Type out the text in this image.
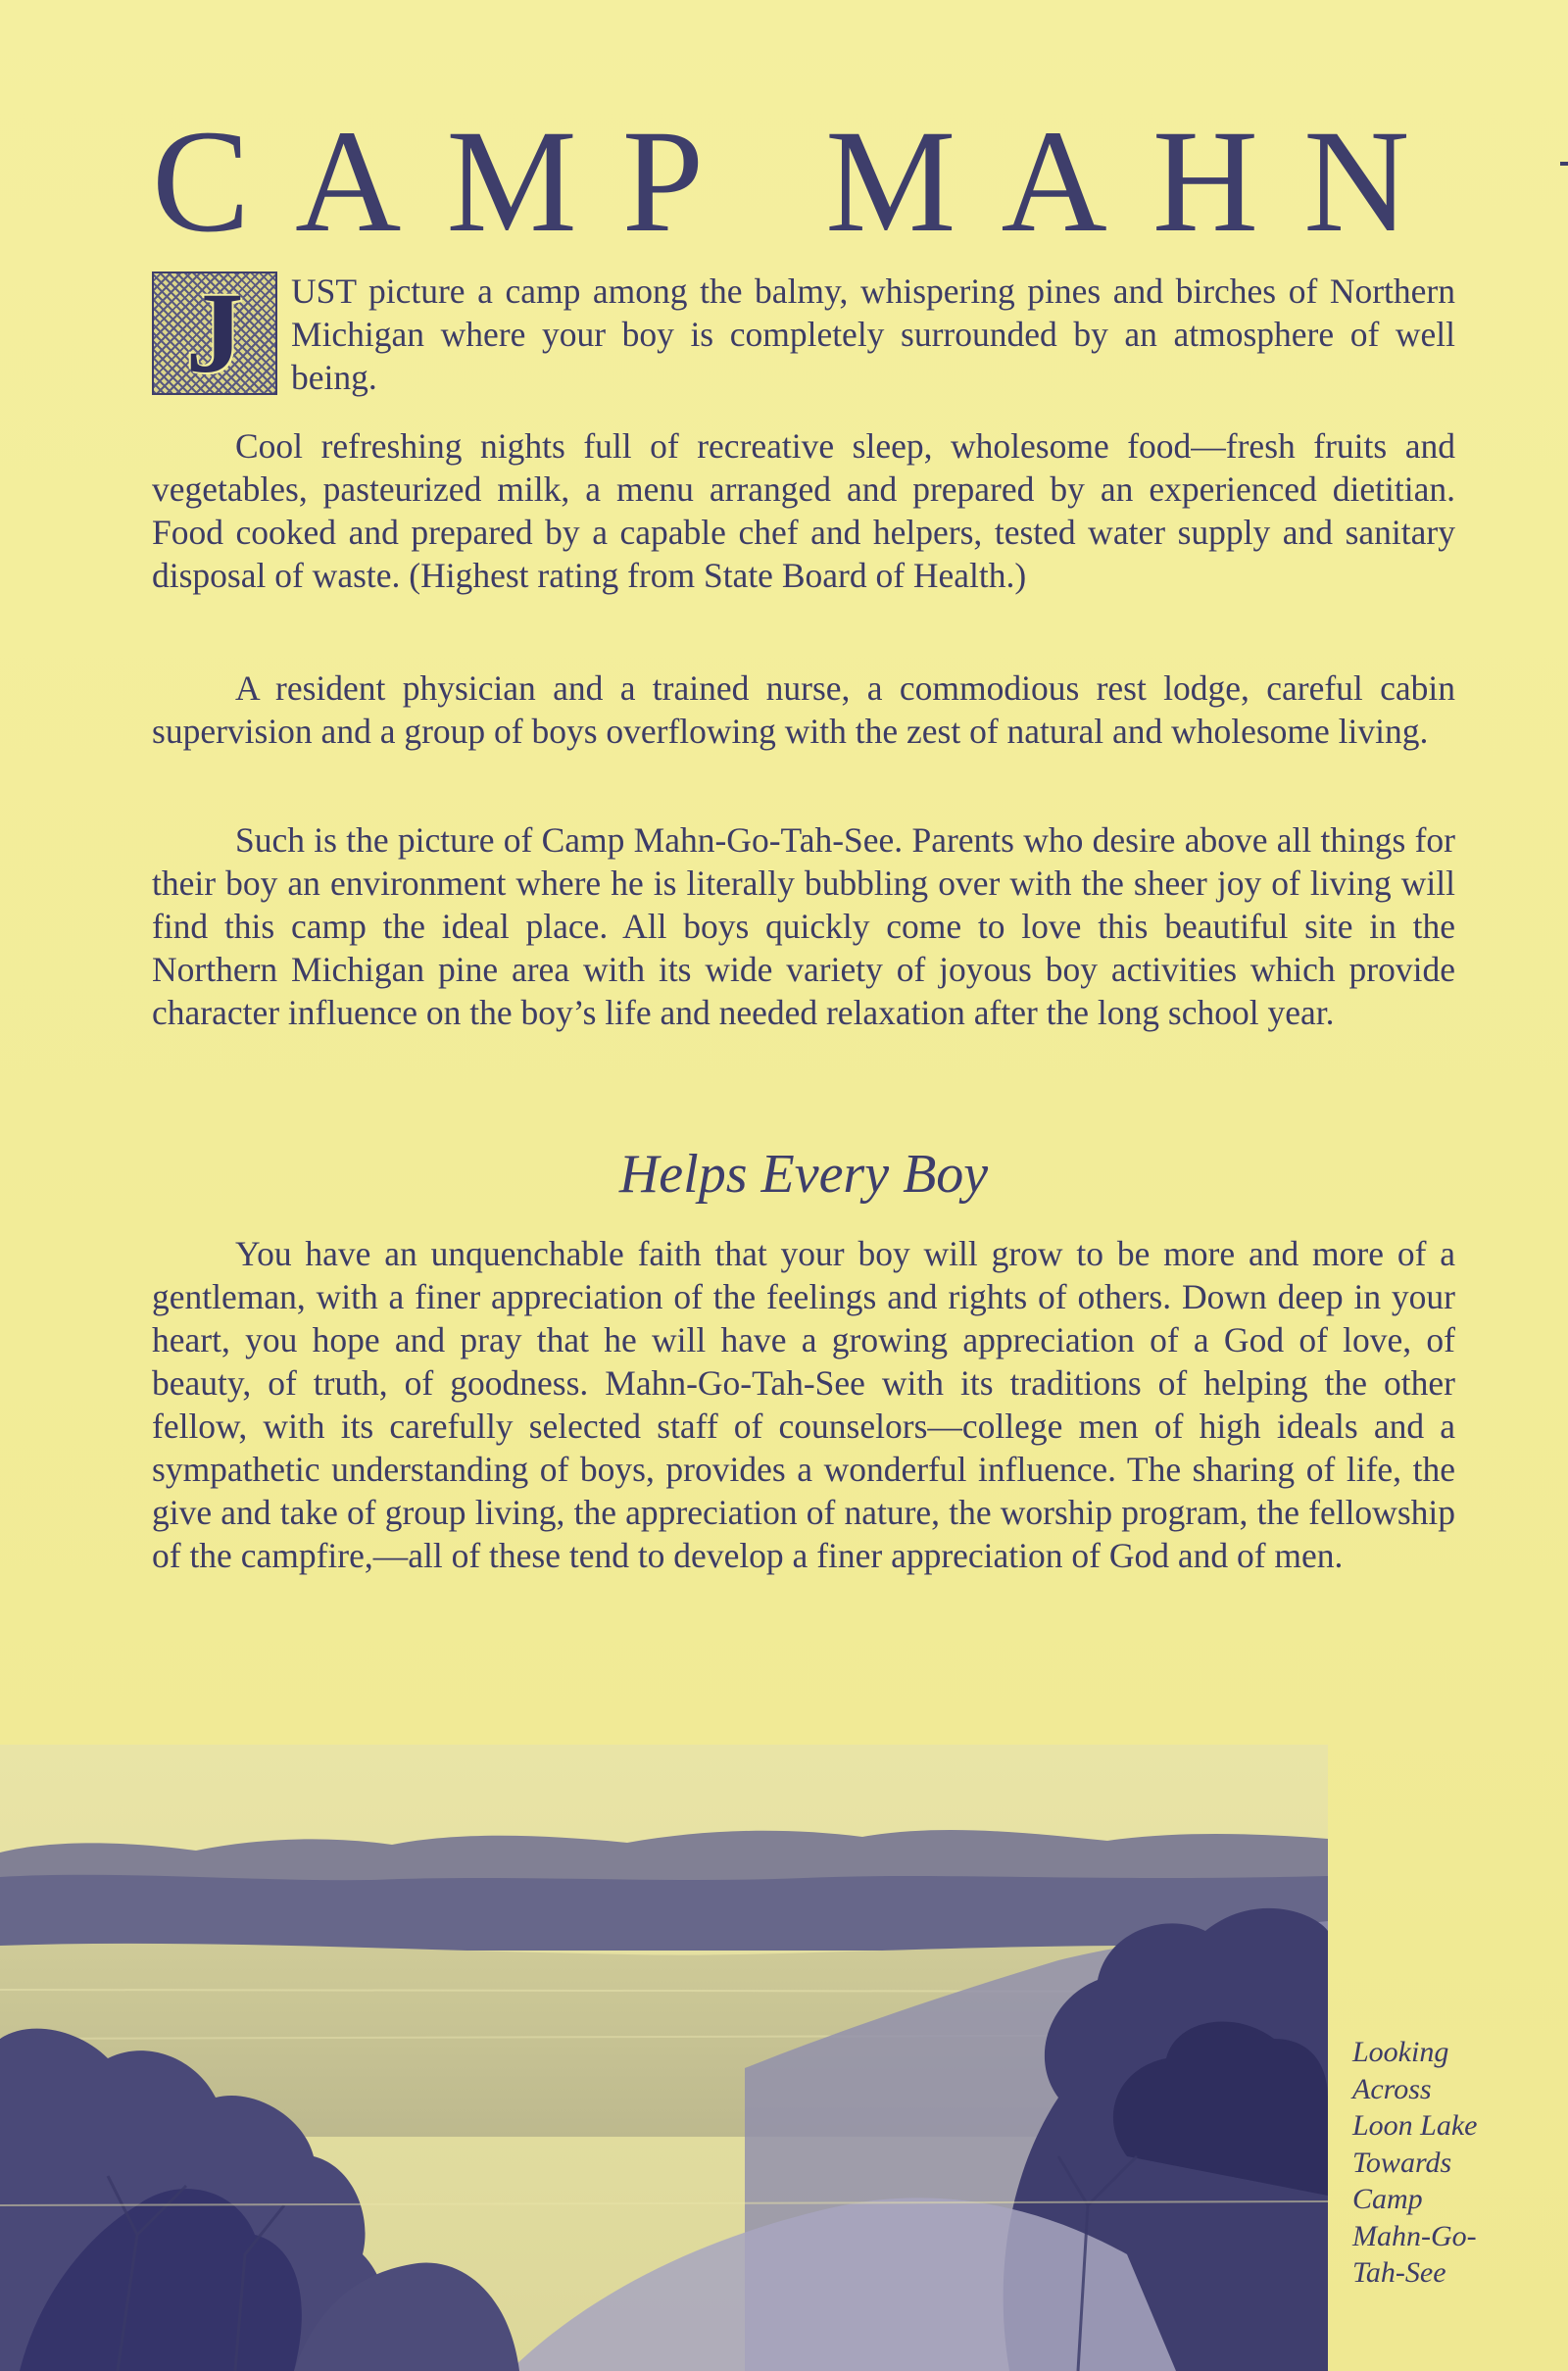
CAMP MAHN
J	UST picture a camp among the balmy, whispering pines and birches of Northern Michigan where your boy is completely surrounded by an atmosphere of well being.

Cool refreshing nights full of recreative sleep, wholesome food—fresh fruits and vegetables, pasteurized milk, a menu arranged and prepared by an experienced dietitian. Food cooked and prepared by a capable chef and helpers, tested water supply and sanitary disposal of waste. (Highest rating from State Board of Health.)

A resident physician and a trained nurse, a commodious rest lodge, careful cabin supervision and a group of boys overflowing with the zest of natural and wholesome living.

Such is the picture of Camp Mahn-Go-Tah-See. Parents who desire above all things for their boy an environment where he is literally bubbling over with the sheer joy of living will find this camp the ideal place. All boys quickly come to love this beautiful site in the Northern Michigan pine area with its wide variety of joyous boy activities which provide character influence on the boy’s life and needed relaxation after the long school year.

Helps Every Boy

You have an unquenchable faith that your boy will grow to be more and more of a gentleman, with a finer appreciation of the feelings and rights of others. Down deep in your heart, you hope and pray that he will have a growing appreciation of a God of love, of beauty, of truth, of goodness. Mahn-Go-Tah-See with its traditions of helping the other fellow, with its carefully selected staff of counselors—college men of high ideals and a sympathetic understanding of boys, provides a wonderful influence. The sharing of life, the give and take of group living, the appreciation of nature, the worship program, the fellowship of the campfire,—all of these tend to develop a finer appreciation of God and of men.

Looking
Across
Loon Lake
Towards
Camp
Mahn-Go-
Tah-See
